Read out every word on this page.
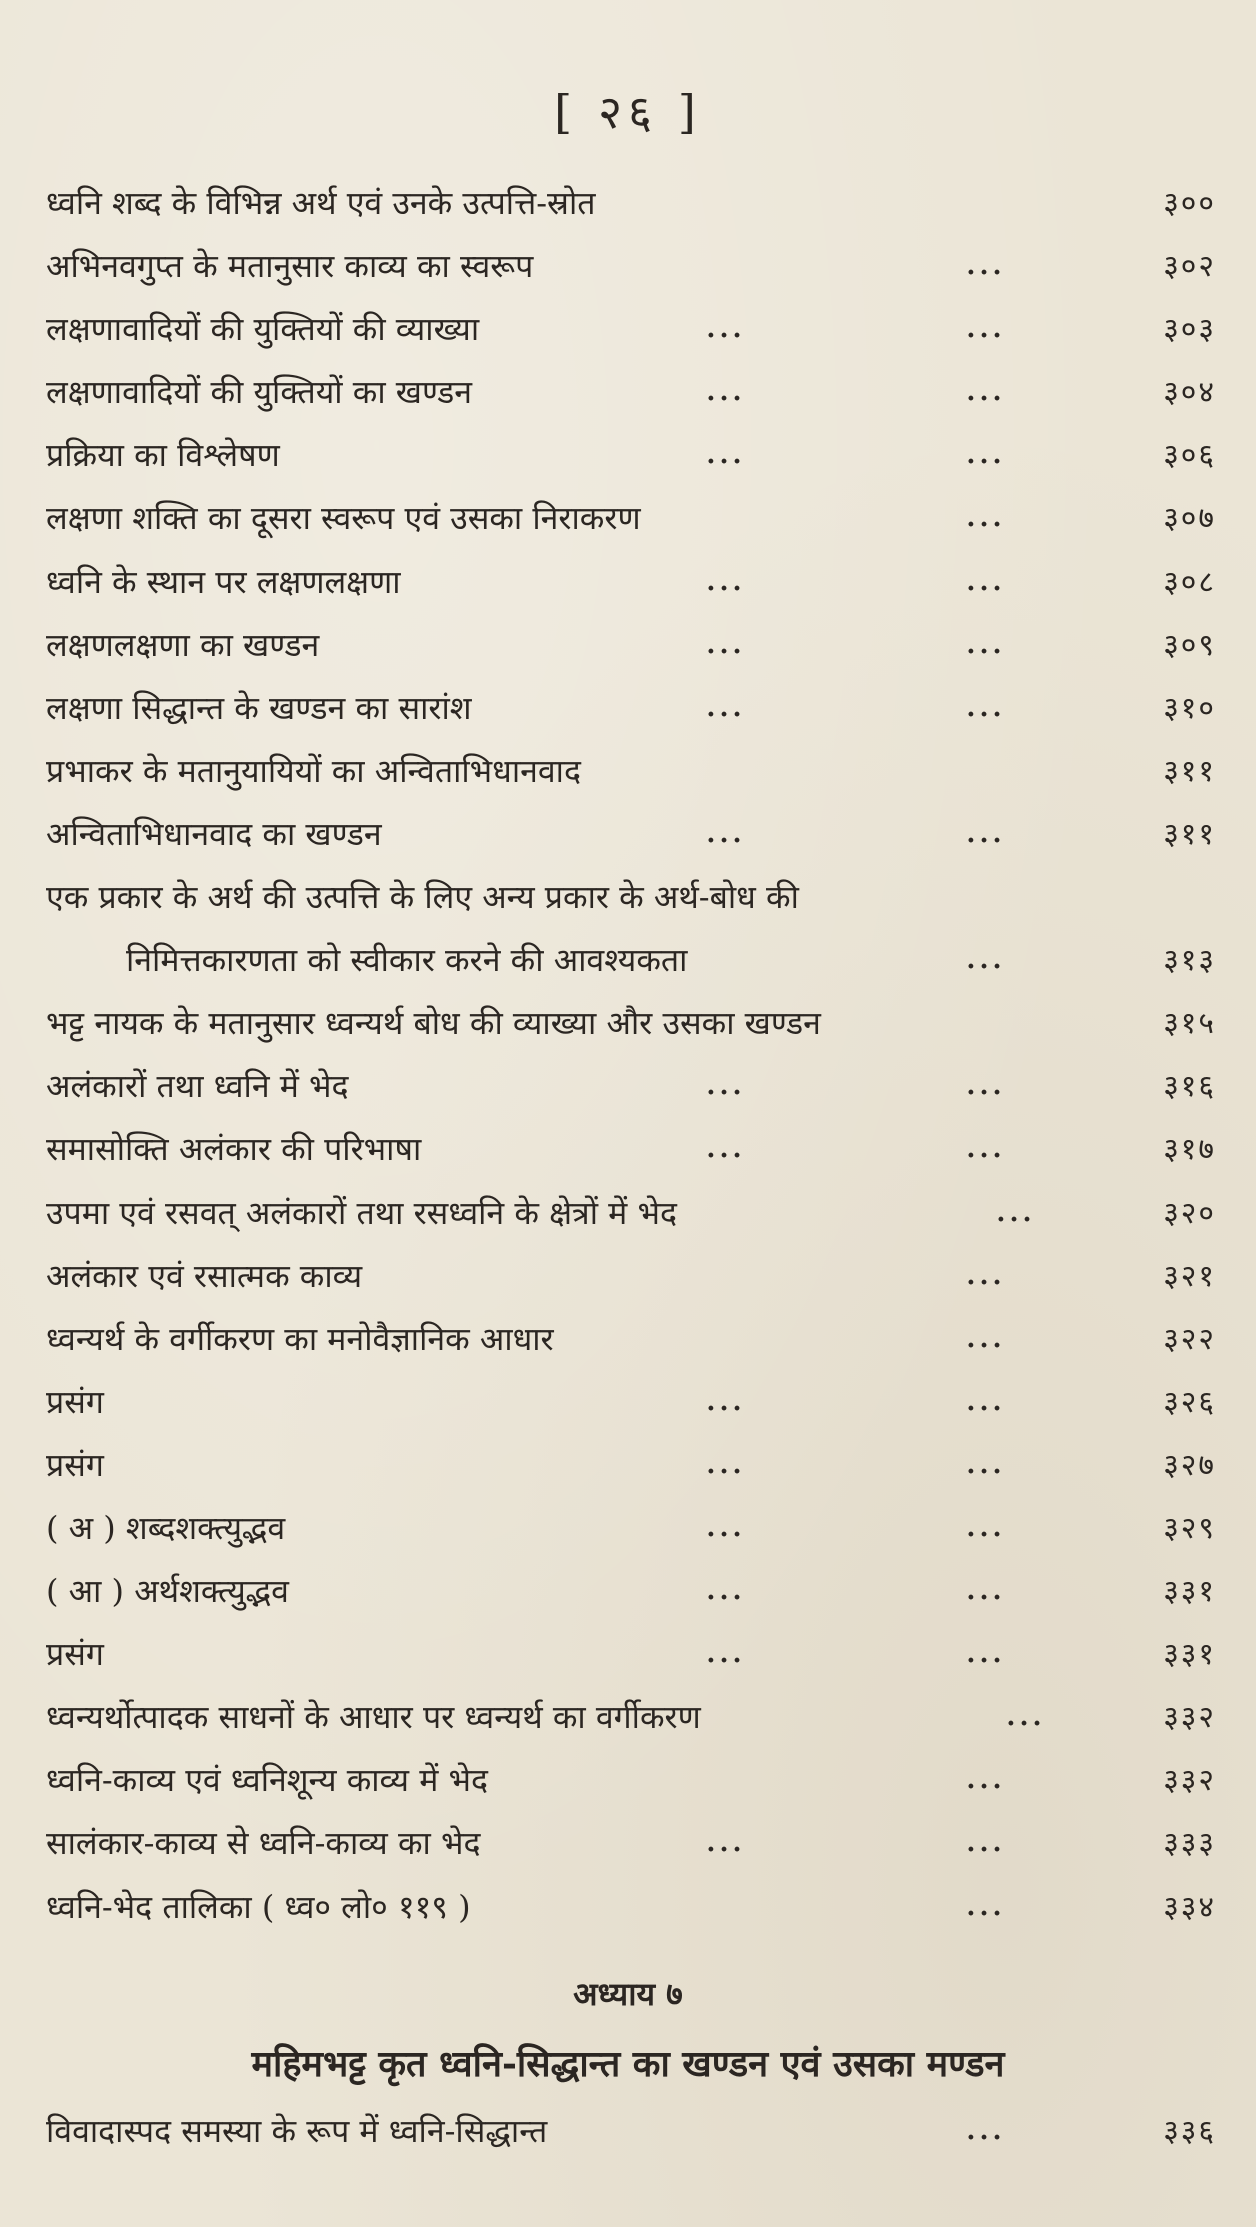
[ २६ ]
ध्वनि शब्द के विभिन्न अर्थ एवं उनके उत्पत्ति-स्रोत	३००
अभिनवगुप्त के मतानुसार काव्य का स्वरूप	...	३०२
लक्षणावादियों की युक्तियों की व्याख्या	...	...	३०३
लक्षणावादियों की युक्तियों का खण्डन	...	...	३०४
प्रक्रिया का विश्लेषण	...	...	३०६
लक्षणा शक्ति का दूसरा स्वरूप एवं उसका निराकरण	...	३०७
ध्वनि के स्थान पर लक्षणलक्षणा	...	...	३०८
लक्षणलक्षणा का खण्डन	...	...	३०९
लक्षणा सिद्धान्त के खण्डन का सारांश	...	...	३१०
प्रभाकर के मतानुयायियों का अन्विताभिधानवाद	३११
अन्विताभिधानवाद का खण्डन	...	...	३११
एक प्रकार के अर्थ की उत्पत्ति के लिए अन्य प्रकार के अर्थ-बोध की
निमित्तकारणता को स्वीकार करने की आवश्यकता	...	३१३
भट्ट नायक के मतानुसार ध्वन्यर्थ बोध की व्याख्या और उसका खण्डन	३१५
अलंकारों तथा ध्वनि में भेद	...	...	३१६
समासोक्ति अलंकार की परिभाषा	...	...	३१७
उपमा एवं रसवत् अलंकारों तथा रसध्वनि के क्षेत्रों में भेद	...	३२०
अलंकार एवं रसात्मक काव्य	...	३२१
ध्वन्यर्थ के वर्गीकरण का मनोवैज्ञानिक आधार	...	३२२
प्रसंग	...	...	३२६
प्रसंग	...	...	३२७
( अ ) शब्दशक्त्युद्भव	...	...	३२९
( आ ) अर्थशक्त्युद्भव	...	...	३३१
प्रसंग	...	...	३३१
ध्वन्यर्थोत्पादक साधनों के आधार पर ध्वन्यर्थ का वर्गीकरण	...	३३२
ध्वनि-काव्य एवं ध्वनिशून्य काव्य में भेद	...	३३२
सालंकार-काव्य से ध्वनि-काव्य का भेद	...	...	३३३
ध्वनि-भेद तालिका ( ध्व० लो० ११९ )	...	३३४
अध्याय ७
महिमभट्ट कृत ध्वनि-सिद्धान्त का खण्डन एवं उसका मण्डन
विवादास्पद समस्या के रूप में ध्वनि-सिद्धान्त	...	३३६
